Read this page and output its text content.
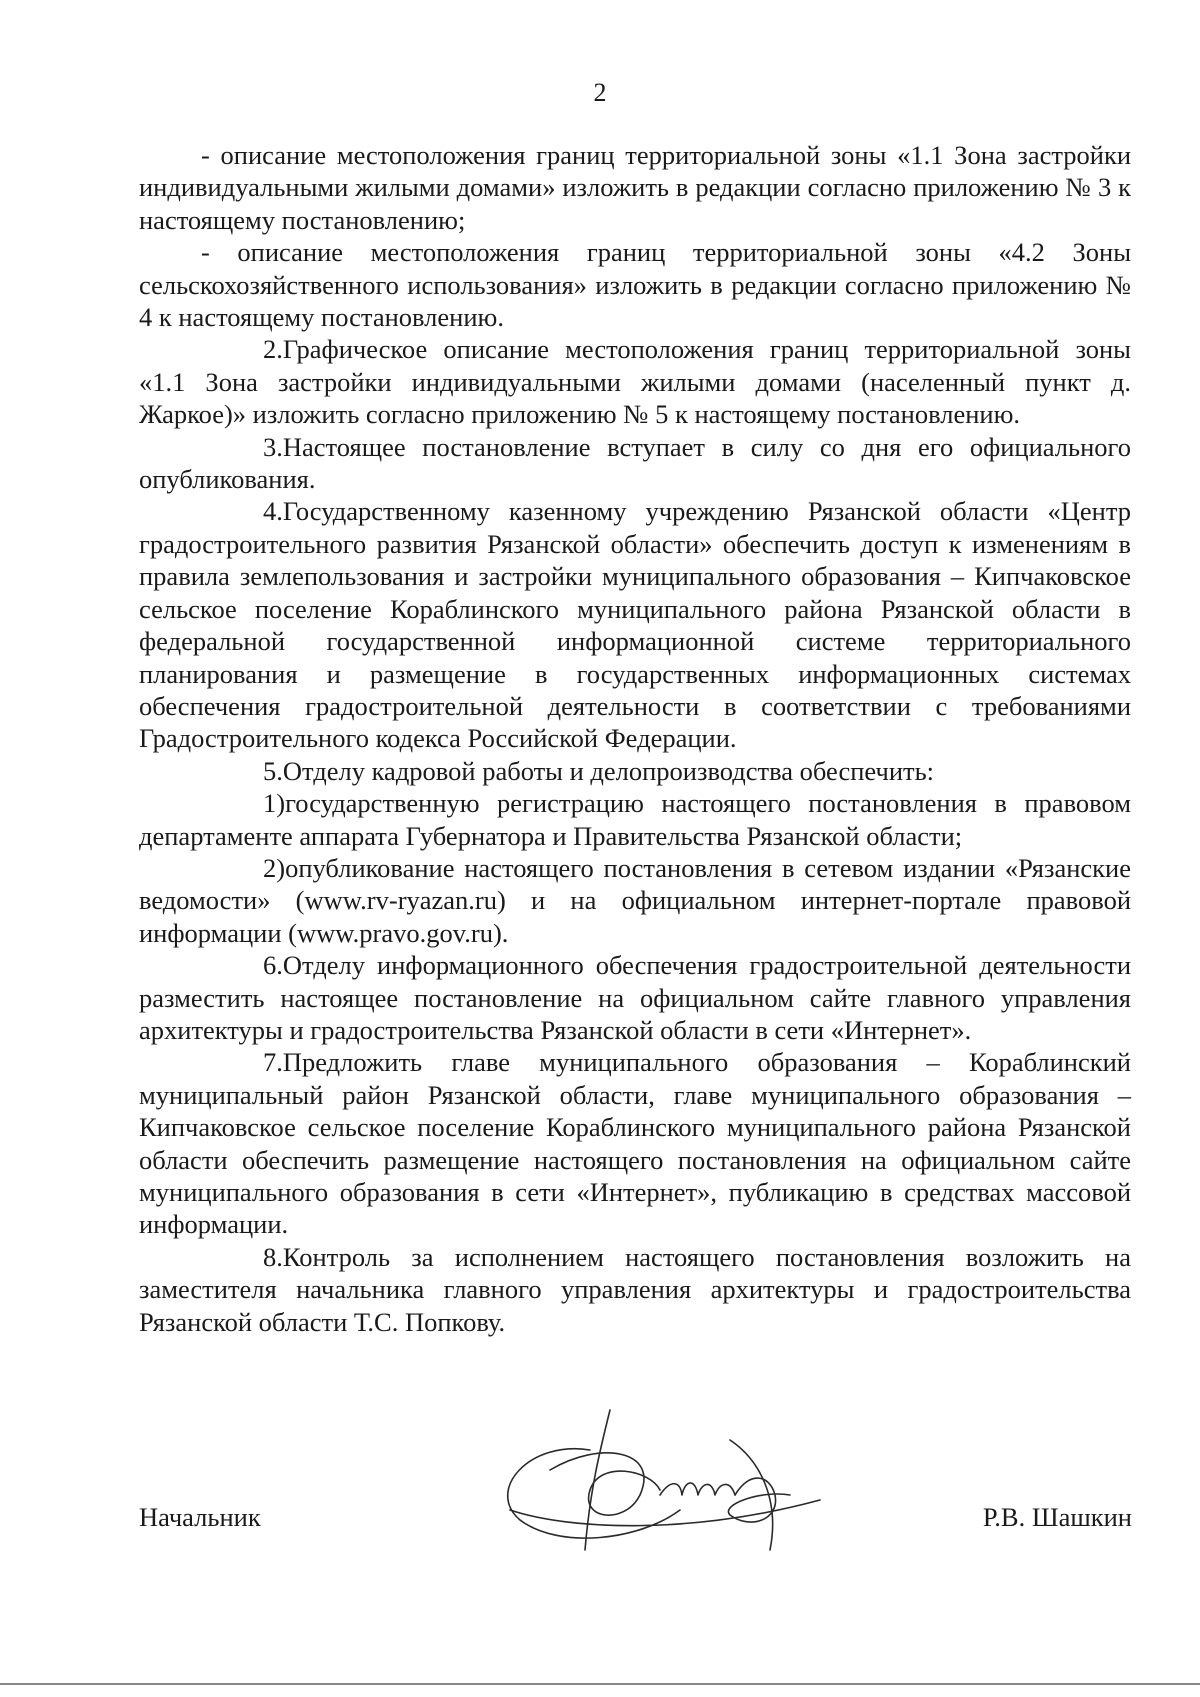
2

- описание местоположения границ территориальной зоны «1.1 Зона застройки индивидуальными жилыми домами» изложить в редакции согласно приложению № 3 к настоящему постановлению;

- описание местоположения границ территориальной зоны «4.2 Зоны сельскохозяйственного использования» изложить в редакции согласно приложению № 4 к настоящему постановлению.

2.Графическое описание местоположения границ территориальной зоны «1.1 Зона застройки индивидуальными жилыми домами (населенный пункт д. Жаркое)» изложить согласно приложению № 5 к настоящему постановлению.

3.Настоящее постановление вступает в силу со дня его официального опубликования.

4.Государственному казенному учреждению Рязанской области «Центр градостроительного развития Рязанской области» обеспечить доступ к изменениям в правила землепользования и застройки муниципального образования – Кипчаковское сельское поселение Кораблинского муниципального района Рязанской области в федеральной государственной информационной системе территориального планирования и размещение в государственных информационных системах обеспечения градостроительной деятельности в соответствии с требованиями Градостроительного кодекса Российской Федерации.

5.Отделу кадровой работы и делопроизводства обеспечить:

1)государственную регистрацию настоящего постановления в правовом департаменте аппарата Губернатора и Правительства Рязанской области;

2)опубликование настоящего постановления в сетевом издании «Рязанские ведомости» (www.rv-ryazan.ru) и на официальном интернет-портале правовой информации (www.pravo.gov.ru).

6.Отделу информационного обеспечения градостроительной деятельности разместить настоящее постановление на официальном сайте главного управления архитектуры и градостроительства Рязанской области в сети «Интернет».

7.Предложить главе муниципального образования – Кораблинский муниципальный район Рязанской области, главе муниципального образования – Кипчаковское сельское поселение Кораблинского муниципального района Рязанской области обеспечить размещение настоящего постановления на официальном сайте муниципального образования в сети «Интернет», публикацию в средствах массовой информации.

8.Контроль за исполнением настоящего постановления возложить на заместителя начальника главного управления архитектуры и градостроительства Рязанской области Т.С. Попкову.

Начальник	Р.В. Шашкин
